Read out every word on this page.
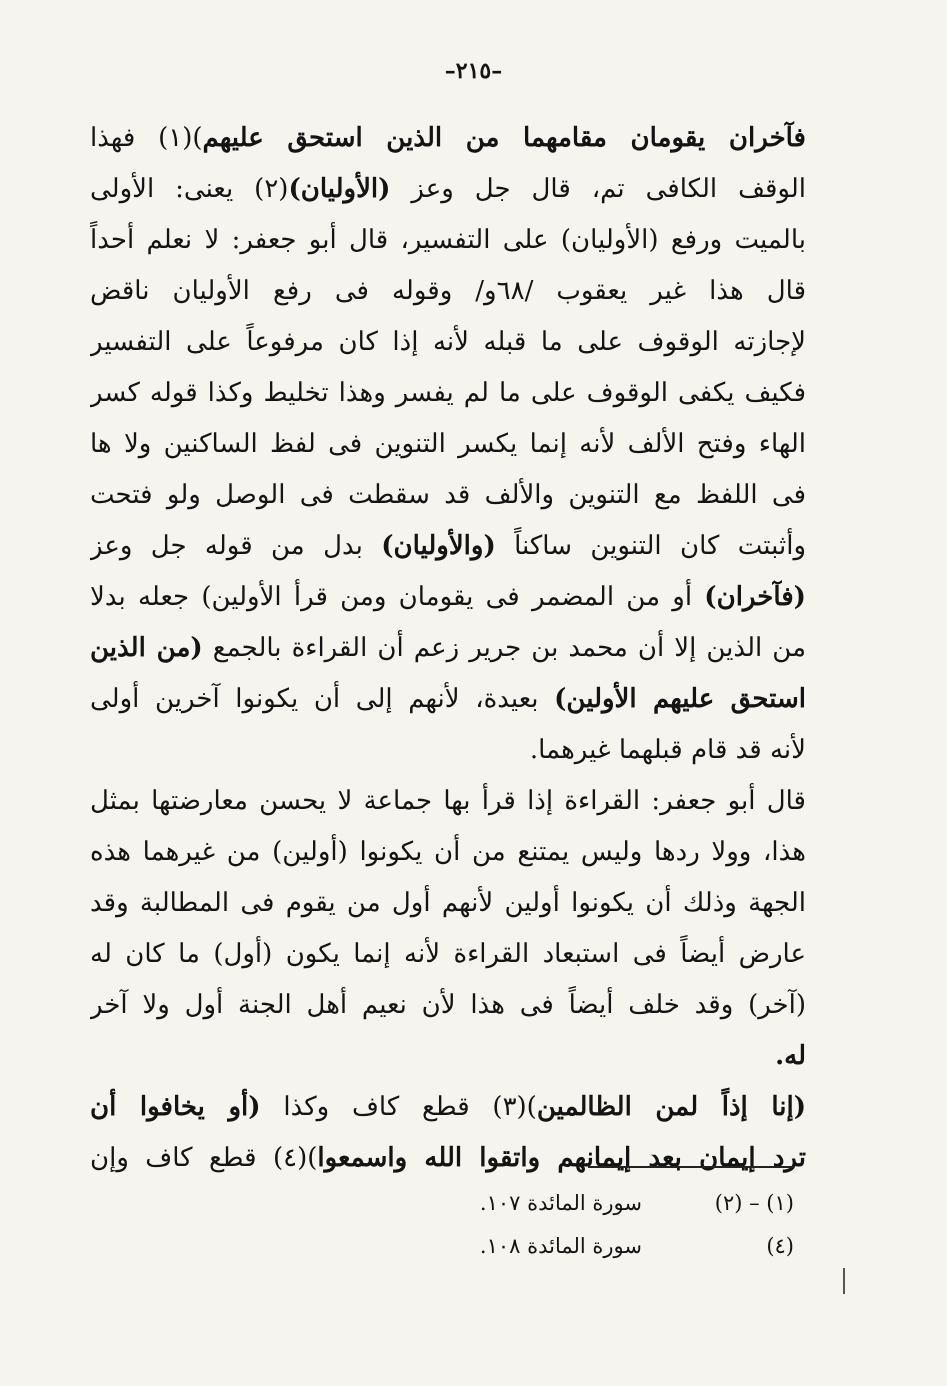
–٢١٥–
فآخران يقومان مقامهما من الذين استحق عليهم)(١) فهذا
الوقف الكافى تم، قال جل وعز (الأوليان)(٢) يعنى: الأولى
بالميت ورفع (الأوليان) على التفسير، قال أبو جعفر: لا نعلم أحداً
قال هذا غير يعقوب /٦٨و/ وقوله فى رفع الأوليان ناقض
لإجازته الوقوف على ما قبله لأنه إذا كان مرفوعاً على التفسير
فكيف يكفى الوقوف على ما لم يفسر وهذا تخليط وكذا قوله كسر
الهاء وفتح الألف لأنه إنما يكسر التنوين فى لفظ الساكنين ولا ها
فى اللفظ مع التنوين والألف قد سقطت فى الوصل ولو فتحت
وأثبتت كان التنوين ساكناً (والأوليان) بدل من قوله جل وعز
(فآخران) أو من المضمر فى يقومان ومن قرأ الأولين) جعله بدلا
من الذين إلا أن محمد بن جرير زعم أن القراءة بالجمع (من الذين
استحق عليهم الأولين) بعيدة، لأنهم إلى أن يكونوا آخرين أولى
لأنه قد قام قبلهما غيرهما.
قال أبو جعفر: القراءة إذا قرأ بها جماعة لا يحسن معارضتها بمثل
هذا، وولا ردها وليس يمتنع من أن يكونوا (أولين) من غيرهما هذه
الجهة وذلك أن يكونوا أولين لأنهم أول من يقوم فى المطالبة وقد
عارض أيضاً فى استبعاد القراءة لأنه إنما يكون (أول) ما كان له
(آخر) وقد خلف أيضاً فى هذا لأن نعيم أهل الجنة أول ولا آخر
له.
(إنا إذاً لمن الظالمين)(٣) قطع كاف وكذا (أو يخافوا أن
ترد إيمان بعد إيمانهم واتقوا الله واسمعوا)(٤) قطع كاف وإن
(١) – (٢)
سورة المائدة ١٠٧.
(٤)
سورة المائدة ١٠٨.
